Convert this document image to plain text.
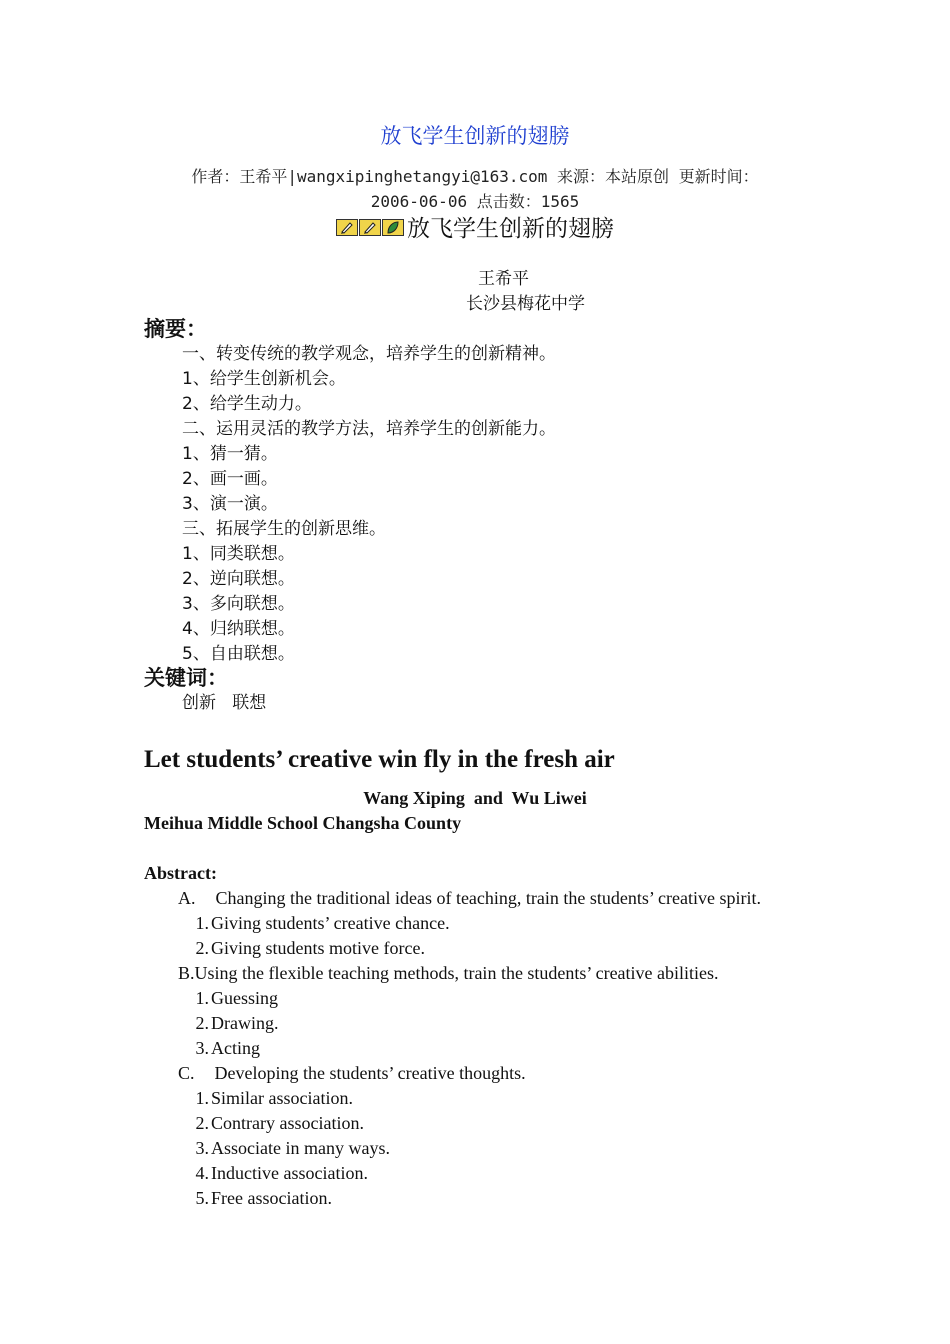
放飞学生创新的翅膀
作者：王希平|wangxipinghetangyi@163.com 来源：本站原创 更新时间：
2006-06-06 点击数：1565
放飞学生创新的翅膀
王希平
长沙县梅花中学
摘要：
一、转变传统的教学观念，培养学生的创新精神。
1、给学生创新机会。
2、给学生动力。
二、运用灵活的教学方法，培养学生的创新能力。
1、猜一猜。
2、画一画。
3、演一演。
三、拓展学生的创新思维。
1、同类联想。
2、逆向联想。
3、多向联想。
4、归纳联想。
5、自由联想。
关键词：
创新   联想
Let students’ creative win fly in the fresh air
Wang Xiping  and  Wu Liwei
Meihua Middle School Changsha County
Abstract:
A. Changing the traditional ideas of teaching, train the students’ creative spirit.
1. Giving students’ creative chance.
2. Giving students motive force.
B.Using the flexible teaching methods, train the students’ creative abilities.
1. Guessing
2. Drawing.
3. Acting
C. Developing the students’ creative thoughts.
1. Similar association.
2. Contrary association.
3. Associate in many ways.
4. Inductive association.
5. Free association.
